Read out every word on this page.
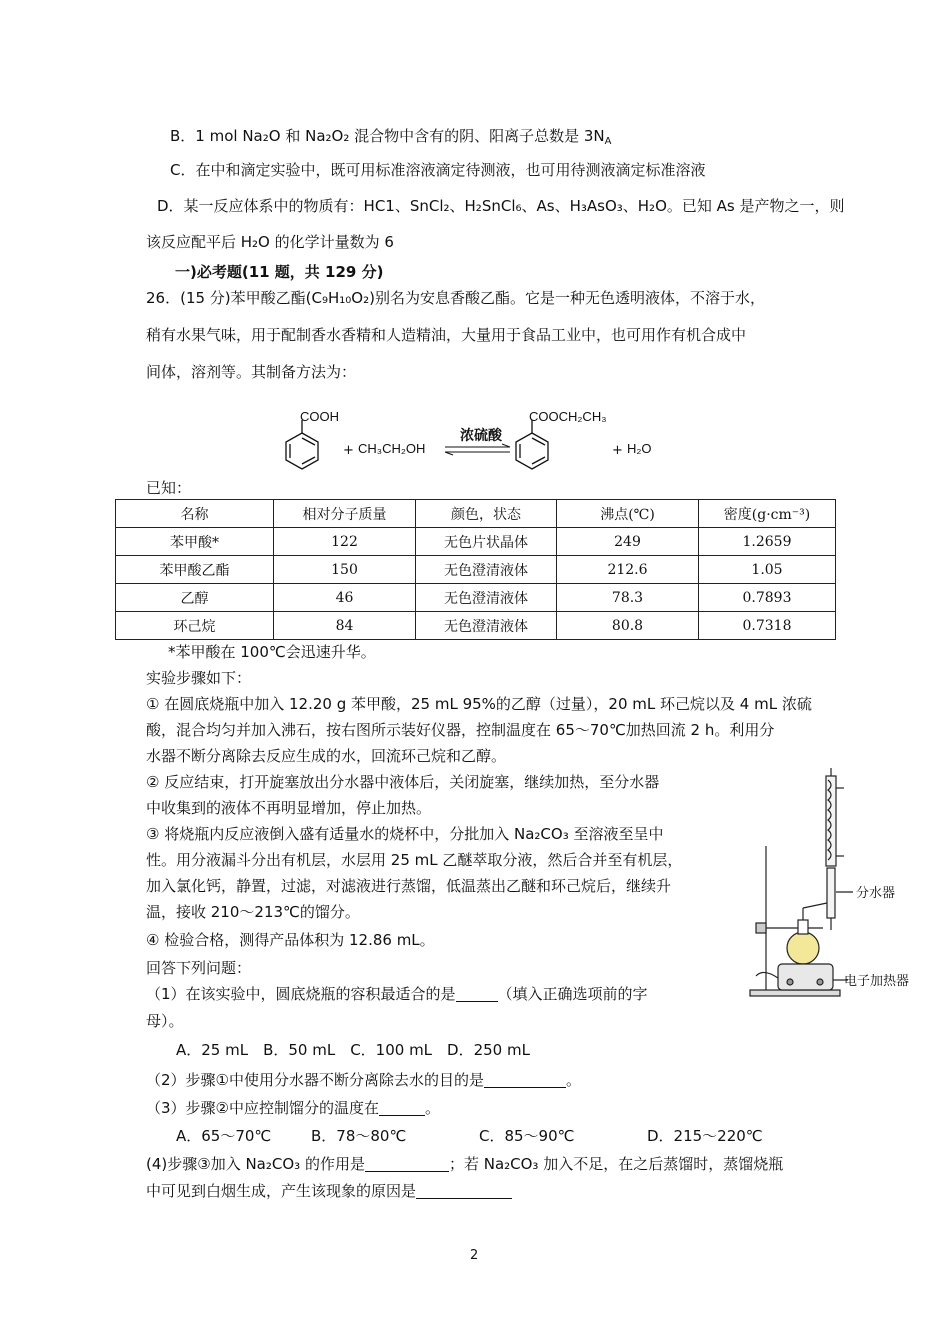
B．1 mol Na₂O 和 Na₂O₂ 混合物中含有的阴、阳离子总数是 $3N_A$
C．在中和滴定实验中，既可用标准溶液滴定待测液，也可用待测液滴定标准溶液
D．某一反应体系中的物质有：HC1、SnCl₂、H₂SnCl₆、As、H₃AsO₃、H₂O。已知 As 是产物之一，则
该反应配平后 H₂O 的化学计量数为 6
一)必考题(11 题，共 129 分)
26．(15 分)苯甲酸乙酯(C₉H₁₀O₂)别名为安息香酸乙酯。它是一种无色透明液体，不溶于水，
稍有水果气味，用于配制香水香精和人造精油，大量用于食品工业中，也可用作有机合成中
间体，溶剂等。其制备方法为：
COOH
+ CH₃CH₂OH
浓硫酸
COOCH₂CH₃
+ H₂O
已知：
名称	相对分子质量	颜色，状态	沸点(℃)	密度(g·cm⁻³)
苯甲酸*	122	无色片状晶体	249	1.2659
苯甲酸乙酯	150	无色澄清液体	212.6	1.05
乙醇	46	无色澄清液体	78.3	0.7893
环己烷	84	无色澄清液体	80.8	0.7318
*苯甲酸在 100℃会迅速升华。
实验步骤如下：
① 在圆底烧瓶中加入 12.20 g 苯甲酸，25 mL 95%的乙醇（过量），20 mL 环己烷以及 4 mL 浓硫
酸，混合均匀并加入沸石，按右图所示装好仪器，控制温度在 65～70℃加热回流 2 h。利用分
水器不断分离除去反应生成的水，回流环己烷和乙醇。
② 反应结束，打开旋塞放出分水器中液体后，关闭旋塞，继续加热，至分水器
中收集到的液体不再明显增加，停止加热。
③ 将烧瓶内反应液倒入盛有适量水的烧杯中，分批加入 Na₂CO₃ 至溶液至呈中
性。用分液漏斗分出有机层，水层用 25 mL 乙醚萃取分液，然后合并至有机层，
加入氯化钙，静置，过滤，对滤液进行蒸馏，低温蒸出乙醚和环己烷后，继续升
温，接收 210～213℃的馏分。
④ 检验合格，测得产品体积为 12.86 mL。
回答下列问题：
（1）在该实验中，圆底烧瓶的容积最适合的是	（填入正确选项前的字
母）。
A．25 mL　B．50 mL　C．100 mL　D．250 mL
（2）步骤①中使用分水器不断分离除去水的目的是	。
（3）步骤②中应控制馏分的温度在	。
A．65～70℃	B．78～80℃	C．85～90℃	D．215～220℃
(4)步骤③加入 Na₂CO₃ 的作用是	；若 Na₂CO₃ 加入不足，在之后蒸馏时，蒸馏烧瓶
中可见到白烟生成，产生该现象的原因是
分水器
电子加热器
2
